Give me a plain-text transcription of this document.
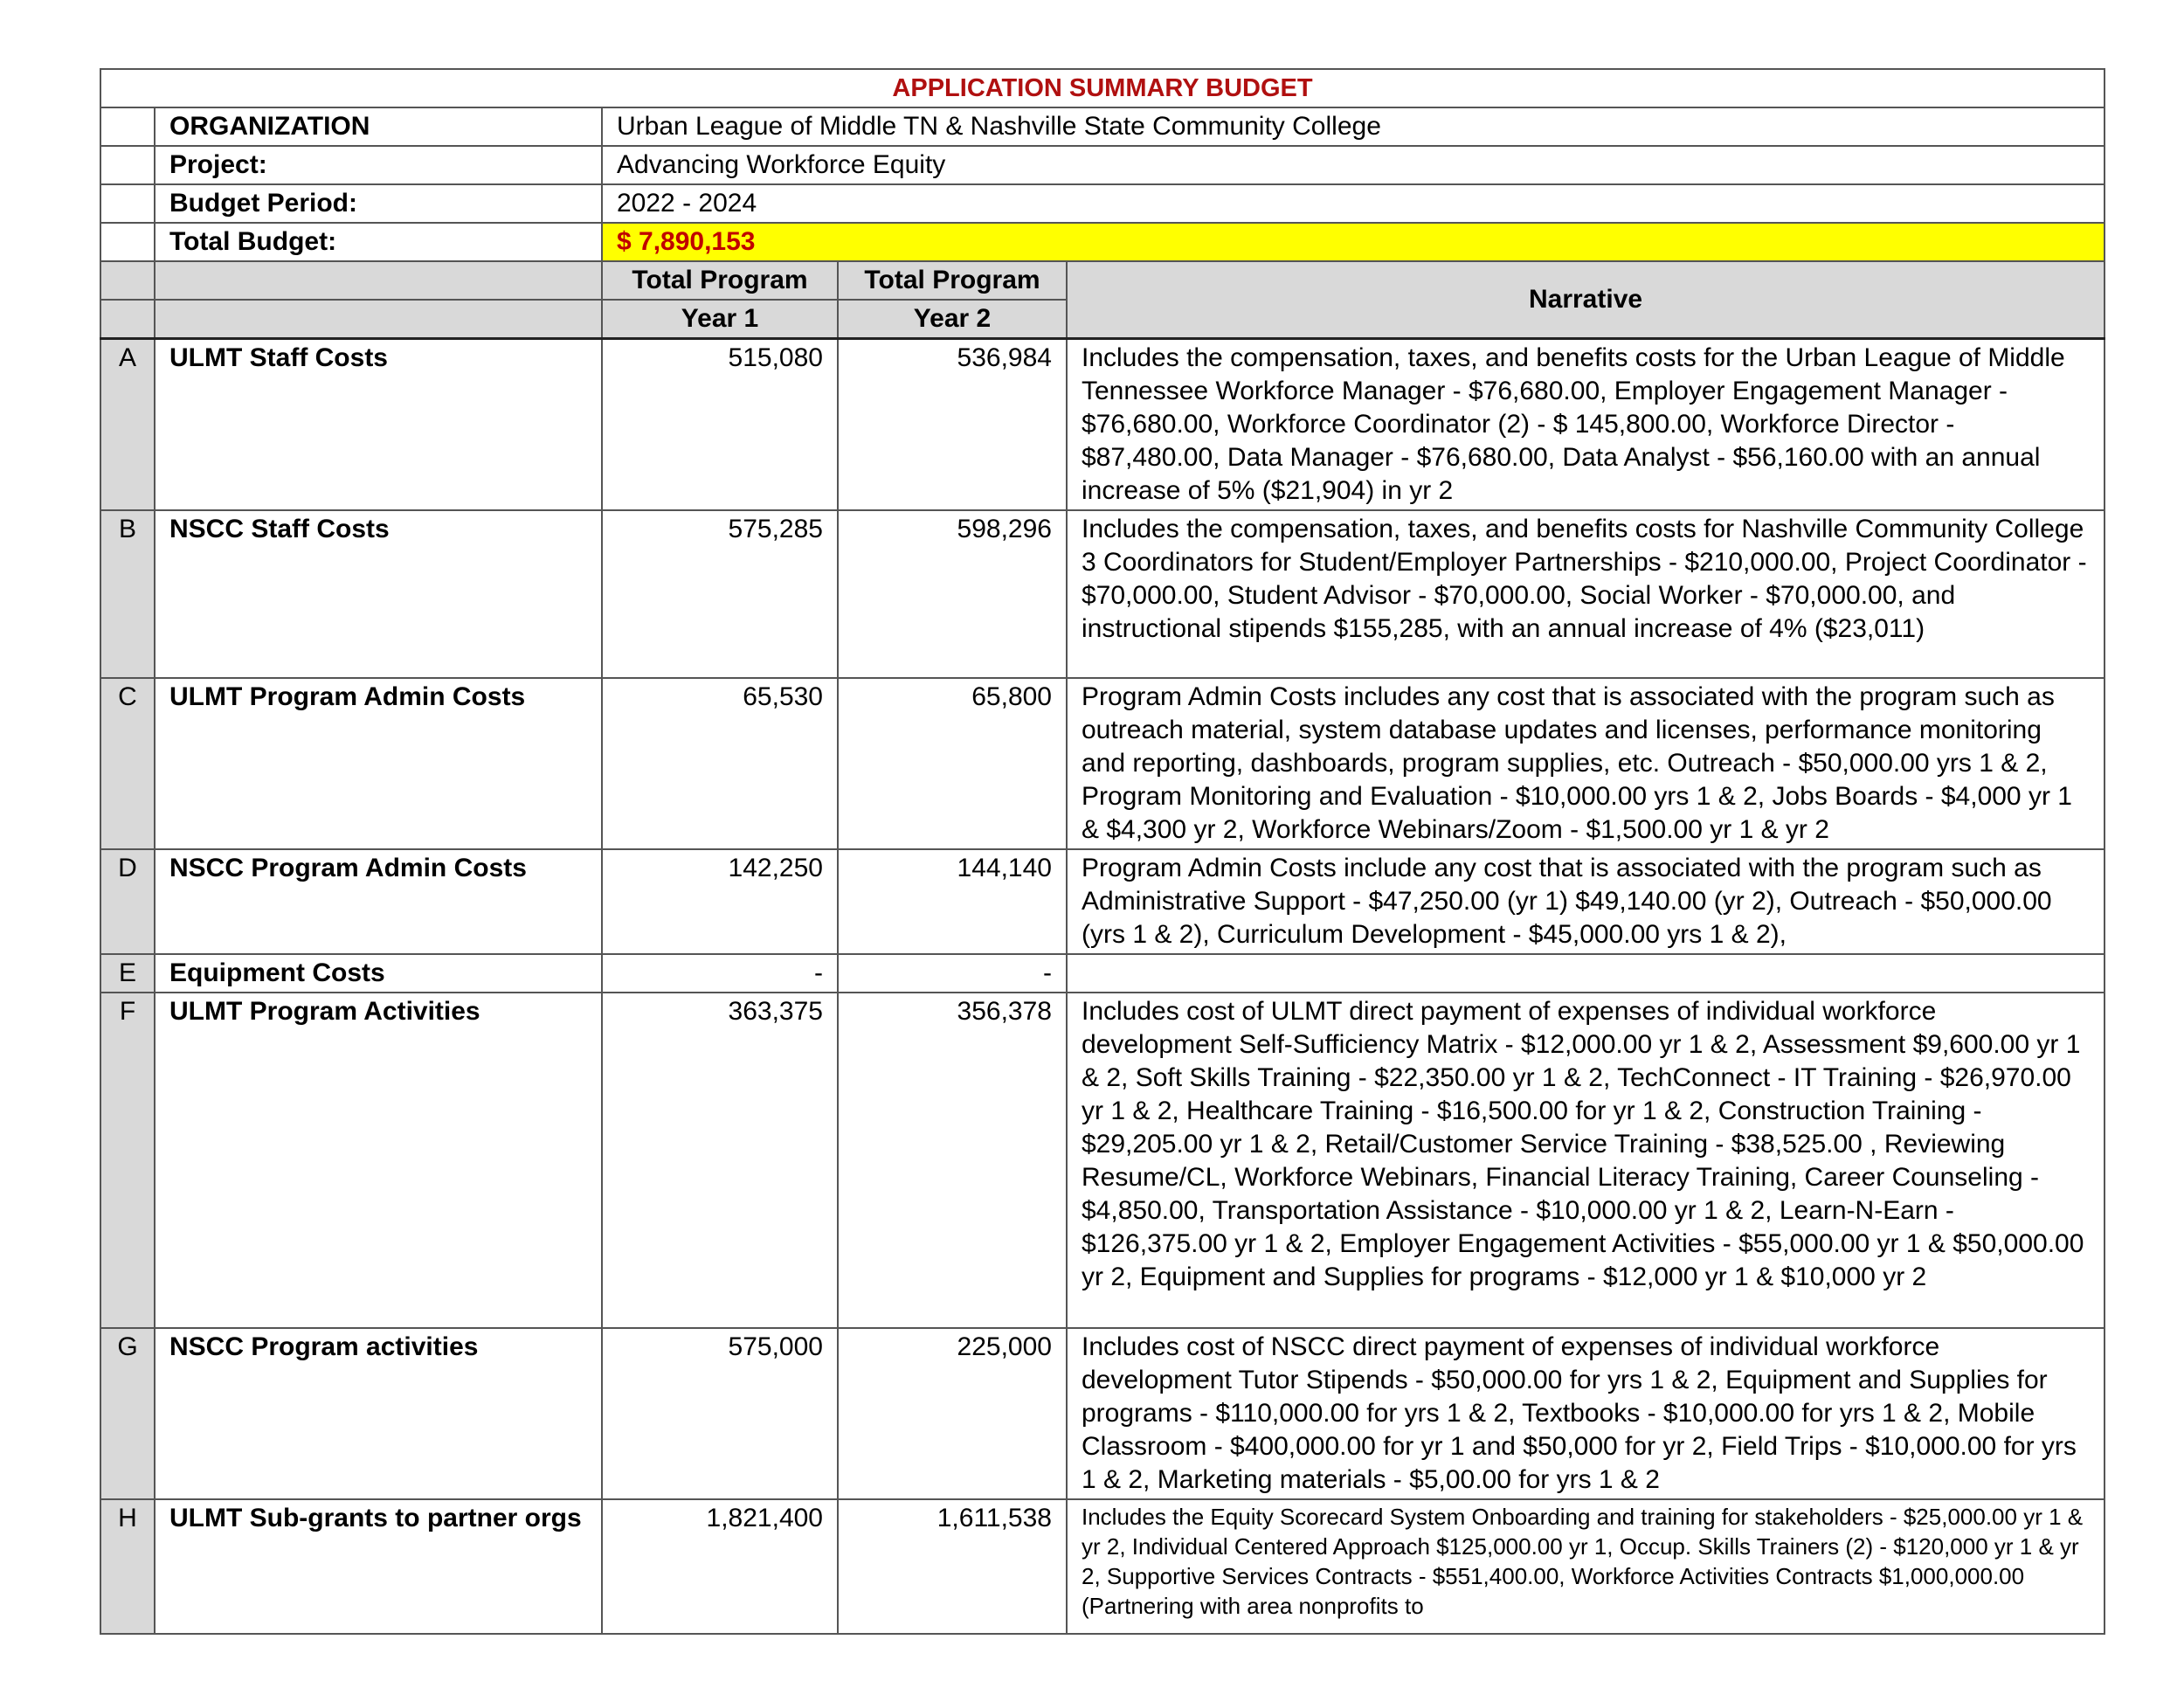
APPLICATION SUMMARY BUDGET				
	ORGANIZATION	Urban League of Middle TN & Nashville State Community College		
	Project:	Advancing Workforce Equity		
	Budget Period:	2022 - 2024		
	Total Budget:	$ 7,890,153		
		Total Program	Total Program	Narrative
		Year 1	Year 2	
A	ULMT Staff Costs	515,080	536,984	Includes the compensation, taxes, and benefits costs for the Urban League of Middle Tennessee Workforce Manager - $76,680.00, Employer Engagement Manager - $76,680.00, Workforce Coordinator (2) - $ 145,800.00, Workforce Director - $87,480.00, Data Manager - $76,680.00, Data Analyst - $56,160.00 with an annual increase of 5% ($21,904) in yr 2
B	NSCC Staff Costs	575,285	598,296	Includes the compensation, taxes, and benefits costs for Nashville Community College 3 Coordinators for Student/Employer Partnerships - $210,000.00, Project Coordinator - $70,000.00, Student Advisor - $70,000.00, Social Worker - $70,000.00, and instructional stipends $155,285, with an annual increase of 4% ($23,011)
C	ULMT Program Admin Costs	65,530	65,800	Program Admin Costs includes any cost that is associated with the program such as outreach material, system database updates and licenses, performance monitoring and reporting, dashboards, program supplies, etc. Outreach - $50,000.00 yrs 1 & 2, Program Monitoring and Evaluation - $10,000.00 yrs 1 & 2, Jobs Boards - $4,000 yr 1 & $4,300 yr 2, Workforce Webinars/Zoom - $1,500.00 yr 1 & yr 2
D	NSCC Program Admin Costs	142,250	144,140	Program Admin Costs include any cost that is associated with the program such as Administrative Support - $47,250.00 (yr 1) $49,140.00 (yr 2), Outreach - $50,000.00 (yrs 1 & 2), Curriculum Development - $45,000.00 yrs 1 & 2),
E	Equipment Costs	-	-	
F	ULMT Program Activities	363,375	356,378	Includes cost of ULMT direct payment of expenses of individual workforce development Self-Sufficiency Matrix - $12,000.00 yr 1 & 2, Assessment $9,600.00 yr 1 & 2, Soft Skills Training - $22,350.00 yr 1 & 2, TechConnect - IT Training - $26,970.00 yr 1 & 2, Healthcare Training - $16,500.00 for yr 1 & 2, Construction Training - $29,205.00 yr 1 & 2, Retail/Customer Service Training - $38,525.00 , Reviewing Resume/CL, Workforce Webinars, Financial Literacy Training, Career Counseling - $4,850.00, Transportation Assistance - $10,000.00 yr 1 & 2, Learn-N-Earn - $126,375.00 yr 1 & 2, Employer Engagement Activities - $55,000.00 yr 1 & $50,000.00 yr 2, Equipment and Supplies for programs - $12,000 yr 1 & $10,000 yr 2
G	NSCC Program activities	575,000	225,000	Includes cost of NSCC direct payment of expenses of individual workforce development Tutor Stipends - $50,000.00 for yrs 1 & 2, Equipment and Supplies for programs - $110,000.00 for yrs 1 & 2, Textbooks - $10,000.00 for yrs 1 & 2, Mobile Classroom - $400,000.00 for yr 1 and $50,000 for yr 2, Field Trips - $10,000.00 for yrs 1 & 2, Marketing materials - $5,00.00 for yrs 1 & 2
H	ULMT Sub-grants to partner orgs	1,821,400	1,611,538	Includes the Equity Scorecard System Onboarding and training for stakeholders - $25,000.00 yr 1 & yr 2, Individual Centered Approach $125,000.00 yr 1, Occup. Skills Trainers (2) - $120,000 yr 1 & yr 2, Supportive Services Contracts - $551,400.00, Workforce Activities Contracts $1,000,000.00 (Partnering with area nonprofits to
